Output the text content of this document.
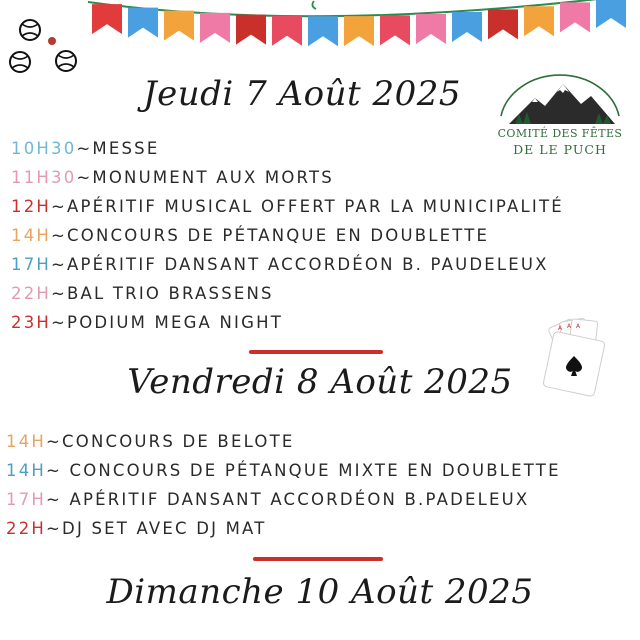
COMITÉ DES FÊTES
DE LE PUCH
Jeudi 7 Août 2025
10H30~MESSE
11H30~MONUMENT AUX MORTS
12H~APÉRITIF MUSICAL OFFERT PAR LA MUNICIPALITÉ
14H~CONCOURS DE PÉTANQUE EN DOUBLETTE
17H~APÉRITIF DANSANT ACCORDÉON B. PAUDELEUX
22H~BAL TRIO BRASSENS
23H~PODIUM MEGA NIGHT	A A A
Vendredi 8 Août 2025
14H~CONCOURS DE BELOTE
14H~ CONCOURS DE PÉTANQUE MIXTE EN DOUBLETTE
17H~ APÉRITIF DANSANT ACCORDÉON B.PADELEUX
22H~DJ SET AVEC DJ MAT
Dimanche 10 Août 2025
